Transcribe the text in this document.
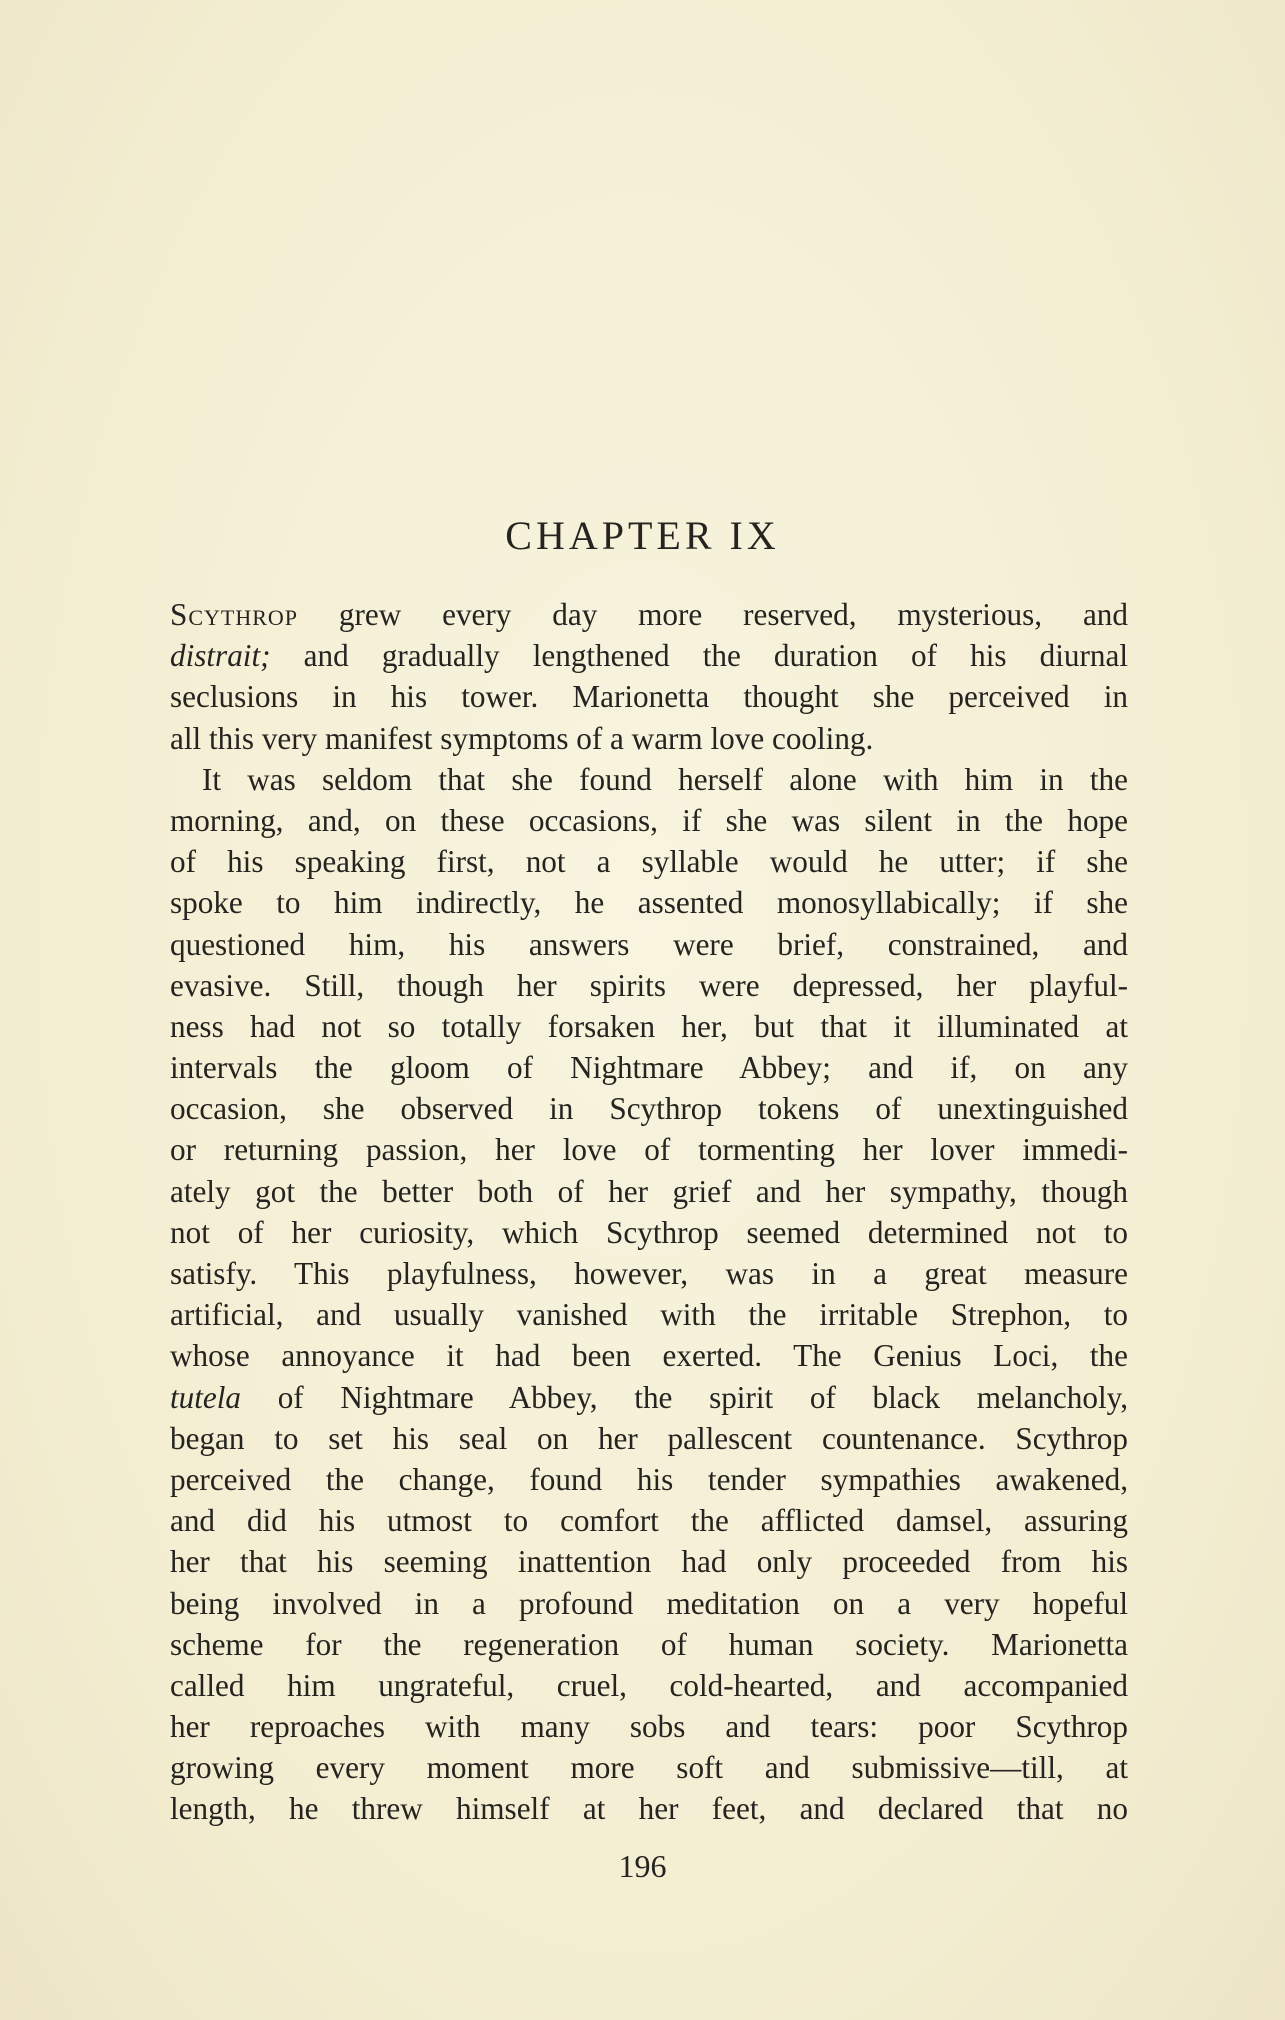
CHAPTER IX
Scythrop grew every day more reserved, mysterious, and
distrait; and gradually lengthened the duration of his diurnal
seclusions in his tower. Marionetta thought she perceived in
all this very manifest symptoms of a warm love cooling.
It was seldom that she found herself alone with him in the
morning, and, on these occasions, if she was silent in the hope
of his speaking first, not a syllable would he utter; if she
spoke to him indirectly, he assented monosyllabically; if she
questioned him, his answers were brief, constrained, and
evasive. Still, though her spirits were depressed, her playful-
ness had not so totally forsaken her, but that it illuminated at
intervals the gloom of Nightmare Abbey; and if, on any
occasion, she observed in Scythrop tokens of unextinguished
or returning passion, her love of tormenting her lover immedi-
ately got the better both of her grief and her sympathy, though
not of her curiosity, which Scythrop seemed determined not to
satisfy. This playfulness, however, was in a great measure
artificial, and usually vanished with the irritable Strephon, to
whose annoyance it had been exerted. The Genius Loci, the
tutela of Nightmare Abbey, the spirit of black melancholy,
began to set his seal on her pallescent countenance. Scythrop
perceived the change, found his tender sympathies awakened,
and did his utmost to comfort the afflicted damsel, assuring
her that his seeming inattention had only proceeded from his
being involved in a profound meditation on a very hopeful
scheme for the regeneration of human society. Marionetta
called him ungrateful, cruel, cold-hearted, and accompanied
her reproaches with many sobs and tears: poor Scythrop
growing every moment more soft and submissive—till, at
length, he threw himself at her feet, and declared that no
196
